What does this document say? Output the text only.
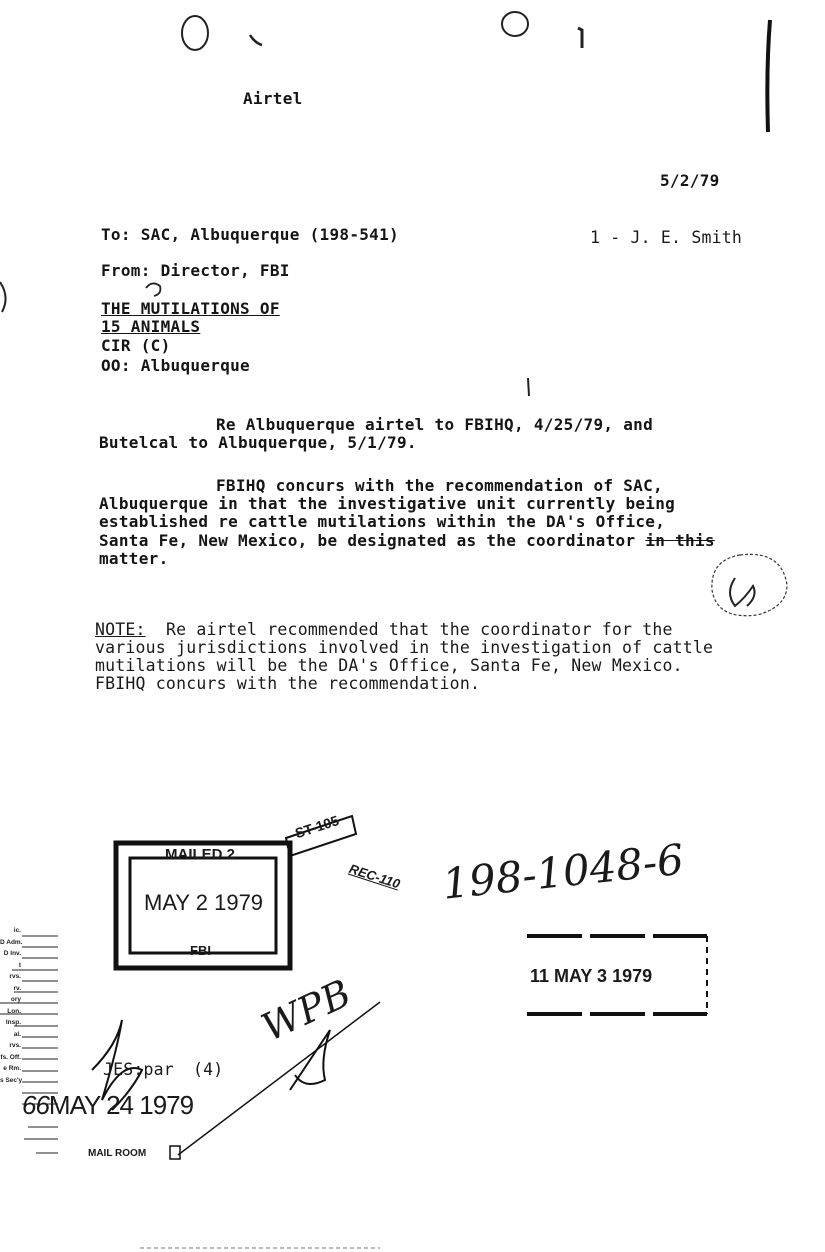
Airtel
5/2/79
To: SAC, Albuquerque (198-541)	1 - J. E. Smith
From: Director, FBI
THE MUTILATIONS OF
15 ANIMALS
CIR (C)
OO: Albuquerque
Re Albuquerque airtel to FBIHQ, 4/25/79, and
Butelcal to Albuquerque, 5/1/79.
FBIHQ concurs with the recommendation of SAC,
Albuquerque in that the investigative unit currently being
established re cattle mutilations within the DA's Office,
Santa Fe, New Mexico, be designated as the coordinator in this
matter.
NOTE: Re airtel recommended that the coordinator for the
various jurisdictions involved in the investigation of cattle
mutilations will be the DA's Office, Santa Fe, New Mexico.
FBIHQ concurs with the recommendation.
MAILED 2
MAY 2 1979
FBI
ST-105
REC-110 198-1048-6
11 MAY 3 1979
ic.
D Adm.
D Inv.
t
rvs.
rv.
ory
Lon.
Insp.
al.
rvs.
fs. Off.
e Rm.
s Sec'y
JES:par (4)
WPB
66MAY 24 1979
MAIL ROOM
